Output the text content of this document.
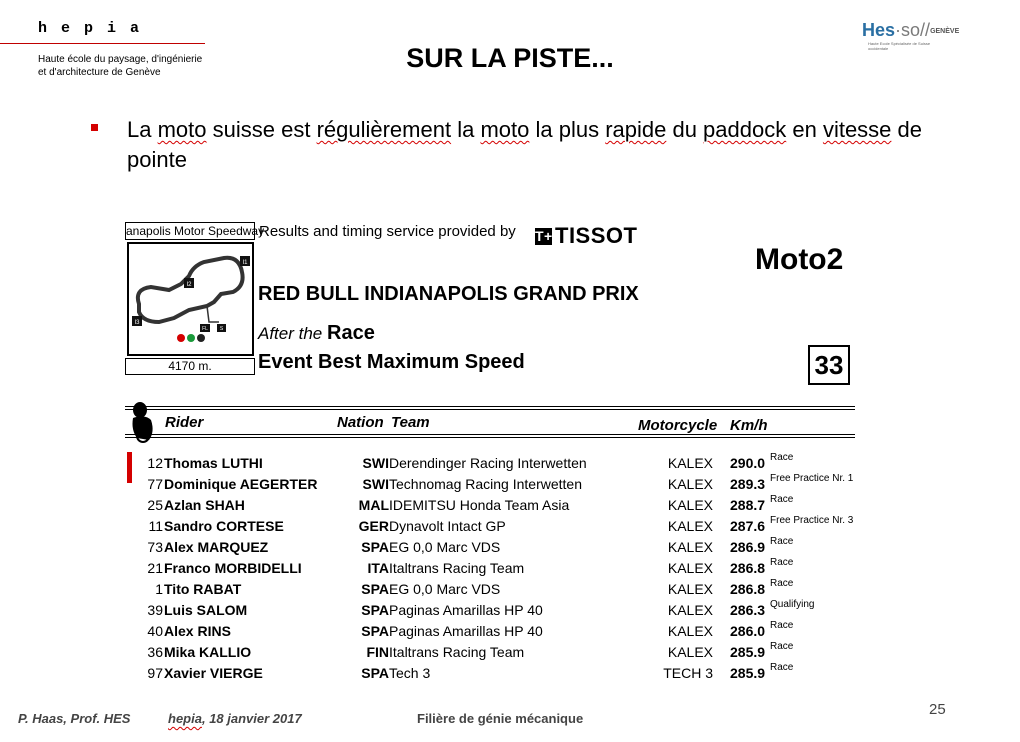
hepia
Haute école du paysage, d'ingénierie
et d'architecture de Genève
Hes·so//GENÈVE
Haute Ecole Spécialisée de Suisse occidentale
SUR LA PISTE...
La moto suisse est régulièrement la moto la plus rapide du paddock en vitesse de pointe
anapolis Motor Speedway
I1
I2
I3
FL S
4170 m.
Results and timing service provided by T+ TISSOT
Moto2
RED BULL INDIANAPOLIS GRAND PRIX
After the Race
Event Best Maximum Speed	33
Rider	Nation Team	Motorcycle Km/h
12 Thomas LUTHI	SWI Derendinger Racing Interwetten	KALEX 290.0 Race
77 Dominique AEGERTER	SWI Technomag Racing Interwetten	KALEX 289.3 Free Practice Nr. 1
25 Azlan SHAH	MAL IDEMITSU Honda Team Asia	KALEX 288.7 Race
11 Sandro CORTESE	GER Dynavolt Intact GP	KALEX 287.6 Free Practice Nr. 3
73 Alex MARQUEZ	SPA EG 0,0 Marc VDS	KALEX 286.9 Race
21 Franco MORBIDELLI	ITA Italtrans Racing Team	KALEX 286.8 Race
1 Tito RABAT	SPA EG 0,0 Marc VDS	KALEX 286.8 Race
39 Luis SALOM	SPA Paginas Amarillas HP 40	KALEX 286.3 Qualifying
40 Alex RINS	SPA Paginas Amarillas HP 40	KALEX 286.0 Race
36 Mika KALLIO	FIN Italtrans Racing Team	KALEX 285.9 Race
97 Xavier VIERGE	SPA Tech 3	TECH 3 285.9 Race
P. Haas, Prof. HES	hepia, 18 janvier 2017	Filière de génie mécanique
25
